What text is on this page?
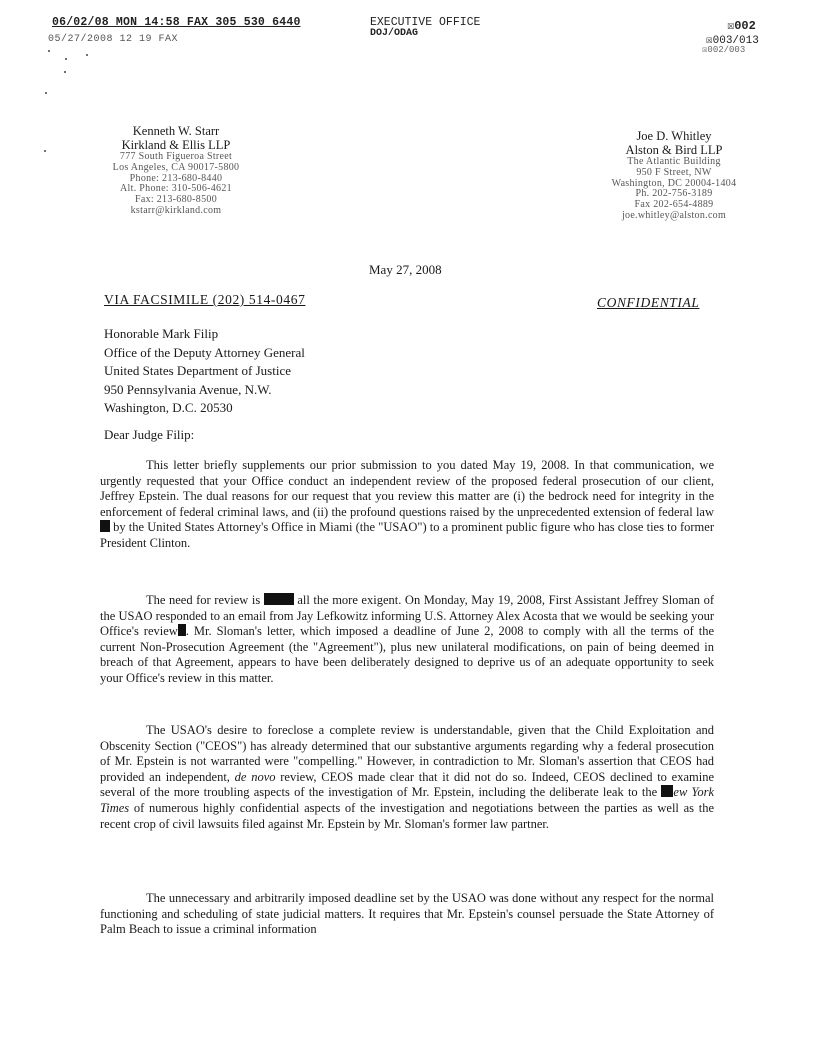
06/02/08 MON 14:58 FAX 305 530 6440
05/27/2008 12 19 FAX
EXECUTIVE OFFICE
DOJ/ODAG
☒002
☒003/013
☒002/003
Kenneth W. Starr
Kirkland & Ellis LLP
777 South Figueroa Street
Los Angeles, CA 90017-5800
Phone: 213-680-8440
Alt. Phone: 310-506-4621
Fax: 213-680-8500
kstarr@kirkland.com
Joe D. Whitley
Alston & Bird LLP
The Atlantic Building
950 F Street, NW
Washington, DC 20004-1404
Ph. 202-756-3189
Fax 202-654-4889
joe.whitley@alston.com
May 27, 2008
VIA FACSIMILE (202) 514-0467	CONFIDENTIAL
Honorable Mark Filip
Office of the Deputy Attorney General
United States Department of Justice
950 Pennsylvania Avenue, N.W.
Washington, D.C. 20530
Dear Judge Filip:
This letter briefly supplements our prior submission to you dated May 19, 2008. In that communication, we urgently requested that your Office conduct an independent review of the proposed federal prosecution of our client, Jeffrey Epstein. The dual reasons for our request that you review this matter are (i) the bedrock need for integrity in the enforcement of federal criminal laws, and (ii) the profound questions raised by the unprecedented extension of federal law  by the United States Attorney's Office in Miami (the "USAO") to a prominent public figure who has close ties to former President Clinton.
The need for review is	all the more exigent. On Monday, May 19, 2008, First Assistant Jeffrey Sloman of the USAO responded to an email from Jay Lefkowitz informing U.S. Attorney Alex Acosta that we would be seeking your Office's review . Mr. Sloman's letter, which imposed a deadline of June 2, 2008 to comply with all the terms of the current Non-Prosecution Agreement (the "Agreement"), plus new unilateral modifications, on pain of being deemed in breach of that Agreement, appears to have been deliberately designed to deprive us of an adequate opportunity to seek your Office's review in this matter.
The USAO's desire to foreclose a complete review is understandable, given that the Child Exploitation and Obscenity Section ("CEOS") has already determined that our substantive arguments regarding why a federal prosecution of Mr. Epstein is not warranted were "compelling." However, in contradiction to Mr. Sloman's assertion that CEOS had provided an independent, de novo review, CEOS made clear that it did not do so. Indeed, CEOS declined to examine several of the more troubling aspects of the investigation of Mr. Epstein, including the deliberate leak to the ew York Times of numerous highly confidential aspects of the investigation and negotiations between the parties as well as the recent crop of civil lawsuits filed against Mr. Epstein by Mr. Sloman's former law partner.
The unnecessary and arbitrarily imposed deadline set by the USAO was done without any respect for the normal functioning and scheduling of state judicial matters. It requires that Mr. Epstein's counsel persuade the State Attorney of Palm Beach to issue a criminal information
